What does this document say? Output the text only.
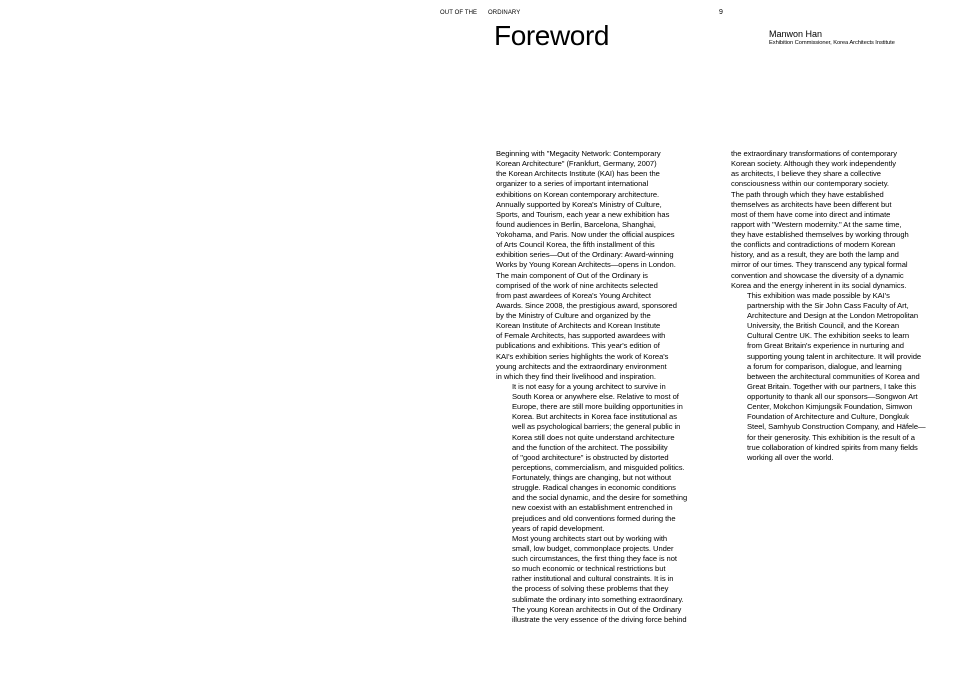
OUT OF THE ORDINARY	9
Foreword	Manwon Han
Exhibition Commissioner, Korea Architects Institute

Beginning with "Megacity Network: Contemporary
Korean Architecture" (Frankfurt, Germany, 2007)
the Korean Architects Institute (KAI) has been the
organizer to a series of important international
exhibitions on Korean contemporary architecture.
Annually supported by Korea's Ministry of Culture,
Sports, and Tourism, each year a new exhibition has
found audiences in Berlin, Barcelona, Shanghai,
Yokohama, and Paris. Now under the official auspices
of Arts Council Korea, the fifth installment of this
exhibition series—Out of the Ordinary: Award-winning
Works by Young Korean Architects—opens in London.
The main component of Out of the Ordinary is
comprised of the work of nine architects selected
from past awardees of Korea's Young Architect
Awards. Since 2008, the prestigious award, sponsored
by the Ministry of Culture and organized by the
Korean Institute of Architects and Korean Institute
of Female Architects, has supported awardees with
publications and exhibitions. This year's edition of
KAI's exhibition series highlights the work of Korea's
young architects and the extraordinary environment
in which they find their livelihood and inspiration.

It is not easy for a young architect to survive in
South Korea or anywhere else. Relative to most of
Europe, there are still more building opportunities in
Korea. But architects in Korea face institutional as
well as psychological barriers; the general public in
Korea still does not quite understand architecture
and the function of the architect. The possibility
of "good architecture" is obstructed by distorted
perceptions, commercialism, and misguided politics.
Fortunately, things are changing, but not without
struggle. Radical changes in economic conditions
and the social dynamic, and the desire for something
new coexist with an establishment entrenched in
prejudices and old conventions formed during the
years of rapid development.

Most young architects start out by working with
small, low budget, commonplace projects. Under
such circumstances, the first thing they face is not
so much economic or technical restrictions but
rather institutional and cultural constraints. It is in
the process of solving these problems that they
sublimate the ordinary into something extraordinary.
The young Korean architects in Out of the Ordinary
illustrate the very essence of the driving force behind

the extraordinary transformations of contemporary
Korean society. Although they work independently
as architects, I believe they share a collective
consciousness within our contemporary society.
The path through which they have established
themselves as architects have been different but
most of them have come into direct and intimate
rapport with "Western modernity." At the same time,
they have established themselves by working through
the conflicts and contradictions of modern Korean
history, and as a result, they are both the lamp and
mirror of our times. They transcend any typical formal
convention and showcase the diversity of a dynamic
Korea and the energy inherent in its social dynamics.

This exhibition was made possible by KAI's
partnership with the Sir John Cass Faculty of Art,
Architecture and Design at the London Metropolitan
University, the British Council, and the Korean
Cultural Centre UK. The exhibition seeks to learn
from Great Britain's experience in nurturing and
supporting young talent in architecture. It will provide
a forum for comparison, dialogue, and learning
between the architectural communities of Korea and
Great Britain. Together with our partners, I take this
opportunity to thank all our sponsors—Songwon Art
Center, Mokchon Kimjungsik Foundation, Simwon
Foundation of Architecture and Culture, Dongkuk
Steel, Samhyub Construction Company, and Häfele—
for their generosity. This exhibition is the result of a
true collaboration of kindred spirits from many fields
working all over the world.
